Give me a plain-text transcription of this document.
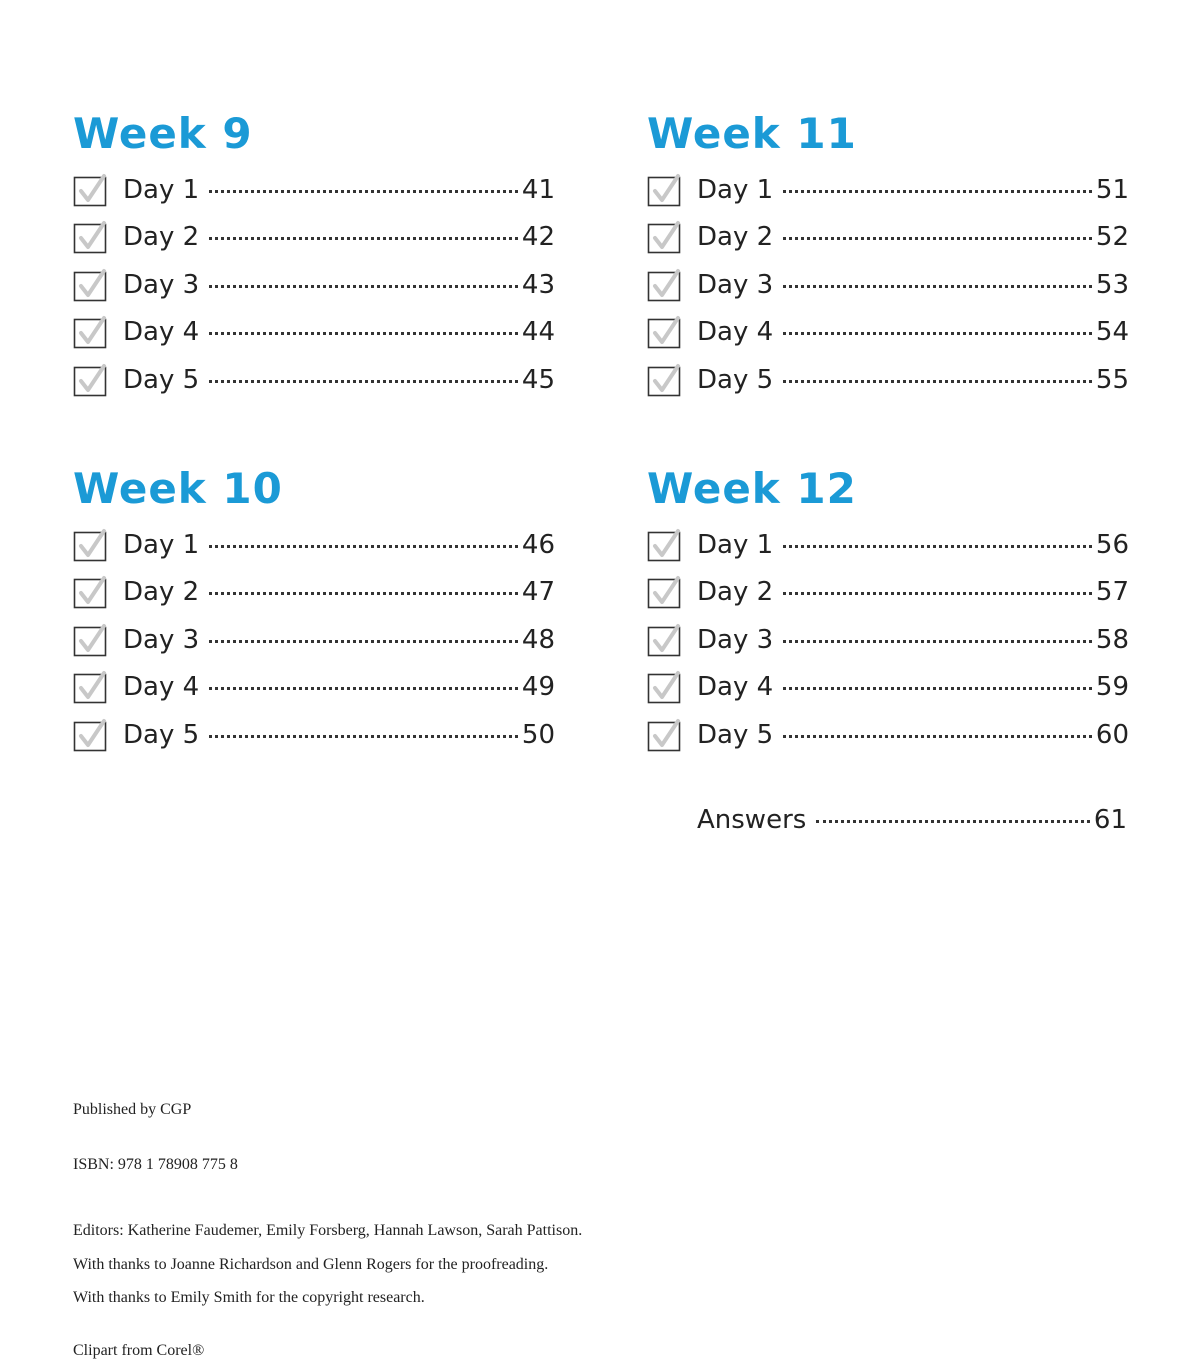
Week 9
Day 1	41
Day 2	42
Day 3	43
Day 4	44
Day 5	45
Week 11
Day 1	51
Day 2	52
Day 3	53
Day 4	54
Day 5	55
Week 10
Day 1	46
Day 2	47
Day 3	48
Day 4	49
Day 5	50
Week 12
Day 1	56
Day 2	57
Day 3	58
Day 4	59
Day 5	60
Answers	61

Published by CGP

ISBN: 978 1 78908 775 8

Editors: Katherine Faudemer, Emily Forsberg, Hannah Lawson, Sarah Pattison.

With thanks to Joanne Richardson and Glenn Rogers for the proofreading.

With thanks to Emily Smith for the copyright research.

Clipart from Corel®
